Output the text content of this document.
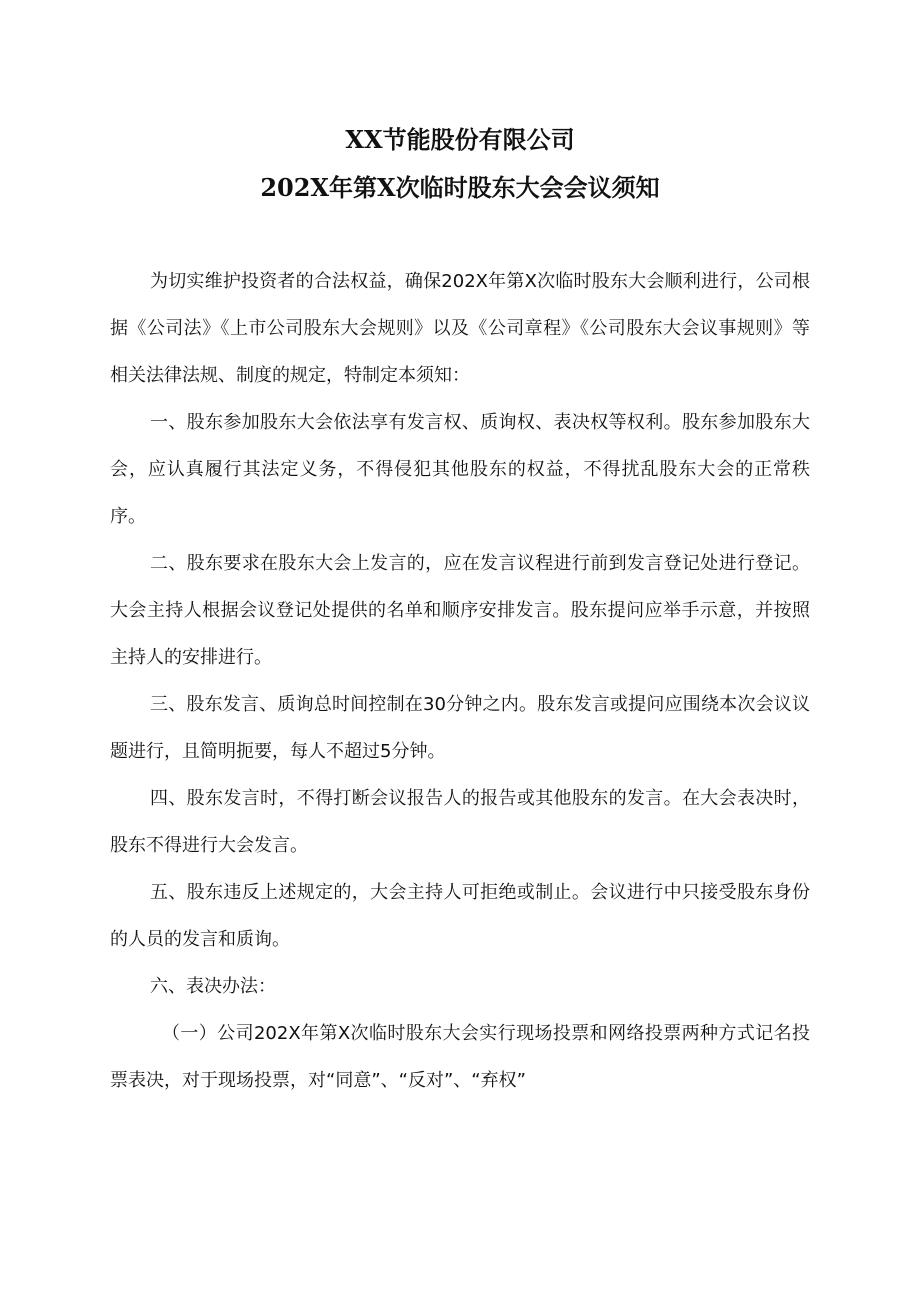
XX节能股份有限公司
202X年第X次临时股东大会会议须知

为切实维护投资者的合法权益，确保202X年第X次临时股东大会顺利进行，公司根据《公司法》《上市公司股东大会规则》以及《公司章程》《公司股东大会议事规则》等相关法律法规、制度的规定，特制定本须知：

一、股东参加股东大会依法享有发言权、质询权、表决权等权利。股东参加股东大会，应认真履行其法定义务，不得侵犯其他股东的权益，不得扰乱股东大会的正常秩序。

二、股东要求在股东大会上发言的，应在发言议程进行前到发言登记处进行登记。大会主持人根据会议登记处提供的名单和顺序安排发言。股东提问应举手示意，并按照主持人的安排进行。

三、股东发言、质询总时间控制在30分钟之内。股东发言或提问应围绕本次会议议题进行，且简明扼要，每人不超过5分钟。

四、股东发言时，不得打断会议报告人的报告或其他股东的发言。在大会表决时，股东不得进行大会发言。

五、股东违反上述规定的，大会主持人可拒绝或制止。会议进行中只接受股东身份的人员的发言和质询。

六、表决办法：

（一）公司202X年第X次临时股东大会实行现场投票和网络投票两种方式记名投票表决，对于现场投票，对“同意”、“反对”、“弃权”
